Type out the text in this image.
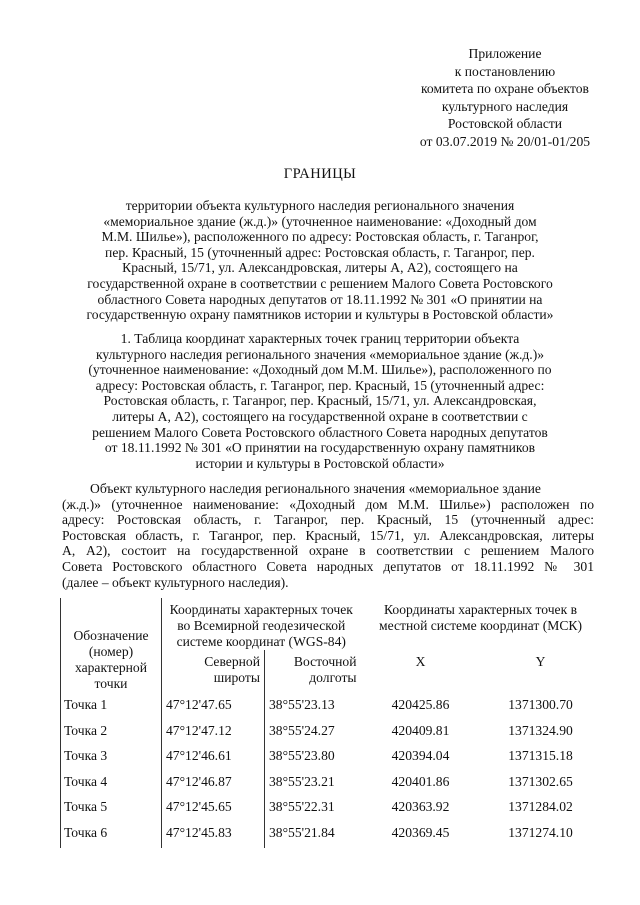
Приложение
к постановлению
комитета по охране объектов
культурного наследия
Ростовской области
от 03.07.2019 № 20/01-01/205
ГРАНИЦЫ
территории объекта культурного наследия регионального значения
«мемориальное здание (ж.д.)» (уточненное наименование: «Доходный дом
М.М. Шилье»), расположенного по адресу: Ростовская область, г. Таганрог,
пер. Красный, 15 (уточненный адрес: Ростовская область, г. Таганрог, пер.
Красный, 15/71, ул. Александровская, литеры А, А2), состоящего на
государственной охране в соответствии с решением Малого Совета Ростовского
областного Совета народных депутатов от 18.11.1992 № 301 «О принятии на
государственную охрану памятников истории и культуры в Ростовской области»
1. Таблица координат характерных точек границ территории объекта
культурного наследия регионального значения «мемориальное здание (ж.д.)»
(уточненное наименование: «Доходный дом М.М. Шилье»), расположенного по
адресу: Ростовская область, г. Таганрог, пер. Красный, 15 (уточненный адрес:
Ростовская область, г. Таганрог, пер. Красный, 15/71, ул. Александровская,
литеры А, А2), состоящего на государственной охране в соответствии с
решением Малого Совета Ростовского областного Совета народных депутатов
от 18.11.1992 № 301 «О принятии на государственную охрану памятников
истории и культуры в Ростовской области»
Объект культурного наследия регионального значения «мемориальное здание
(ж.д.)» (уточненное наименование: «Доходный дом М.М. Шилье») расположен по
адресу: Ростовская область, г. Таганрог, пер. Красный, 15 (уточненный адрес:
Ростовская область, г. Таганрог, пер. Красный, 15/71, ул. Александровская, литеры
А, А2), состоит на государственной охране в соответствии с решением Малого
Совета Ростовского областного Совета народных депутатов от 18.11.1992 № 301
(далее – объект культурного наследия).
Обозначение (номер) характерной точки	Координаты характерных точек во Всемирной геодезической системе координат (WGS-84)		Координаты характерных точек в местной системе координат (МСК)	
	Северной широты	Восточной долготы	X	Y
Точка 1	47°12'47.65	38°55'23.13	420425.86	1371300.70
Точка 2	47°12'47.12	38°55'24.27	420409.81	1371324.90
Точка 3	47°12'46.61	38°55'23.80	420394.04	1371315.18
Точка 4	47°12'46.87	38°55'23.21	420401.86	1371302.65
Точка 5	47°12'45.65	38°55'22.31	420363.92	1371284.02
Точка 6	47°12'45.83	38°55'21.84	420369.45	1371274.10
